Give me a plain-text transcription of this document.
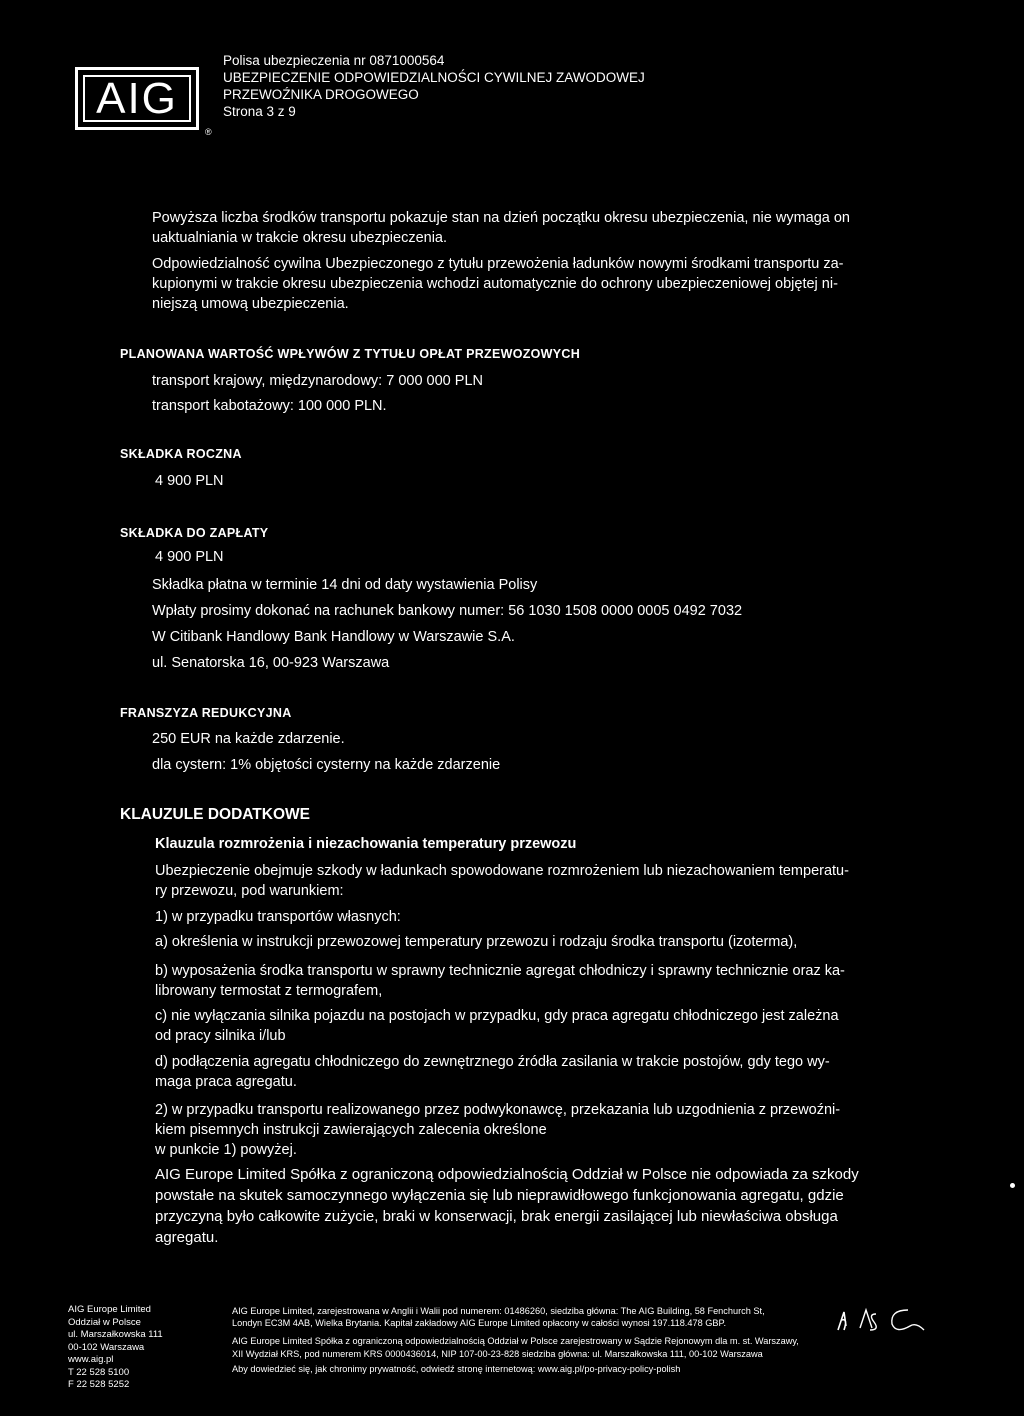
AIG
®
Polisa ubezpieczenia nr 0871000564
UBEZPIECZENIE ODPOWIEDZIALNOŚCI CYWILNEJ ZAWODOWEJ
PRZEWOŹNIKA DROGOWEGO
Strona 3 z 9
Powyższa liczba środków transportu pokazuje stan na dzień początku okresu ubezpieczenia, nie wymaga on
uaktualniania w trakcie okresu ubezpieczenia.
Odpowiedzialność cywilna Ubezpieczonego z tytułu przewożenia ładunków nowymi środkami transportu za-
kupionymi w trakcie okresu ubezpieczenia wchodzi automatycznie do ochrony ubezpieczeniowej objętej ni-
niejszą umową ubezpieczenia.
PLANOWANA WARTOŚĆ WPŁYWÓW Z TYTUŁU OPŁAT PRZEWOZOWYCH
transport krajowy, międzynarodowy: 7 000 000 PLN
transport kabotażowy: 100 000 PLN.
SKŁADKA ROCZNA
4 900 PLN
SKŁADKA DO ZAPŁATY
4 900 PLN
Składka płatna w terminie 14 dni od daty wystawienia Polisy
Wpłaty prosimy dokonać na rachunek bankowy numer: 56 1030 1508 0000 0005 0492 7032
W Citibank Handlowy Bank Handlowy w Warszawie S.A.
ul. Senatorska 16, 00-923 Warszawa
FRANSZYZA REDUKCYJNA
250 EUR na każde zdarzenie.
dla cystern: 1% objętości cysterny na każde zdarzenie
KLAUZULE DODATKOWE
Klauzula rozmrożenia i niezachowania temperatury przewozu
Ubezpieczenie obejmuje szkody w ładunkach spowodowane rozmrożeniem lub niezachowaniem temperatu-
ry przewozu, pod warunkiem:
1) w przypadku transportów własnych:
a) określenia w instrukcji przewozowej temperatury przewozu i rodzaju środka transportu (izoterma),
b) wyposażenia środka transportu w sprawny technicznie agregat chłodniczy i sprawny technicznie oraz ka-
librowany termostat z termografem,
c) nie wyłączania silnika pojazdu na postojach w przypadku, gdy praca agregatu chłodniczego jest zależna
od pracy silnika i/lub
d) podłączenia agregatu chłodniczego do zewnętrznego źródła zasilania w trakcie postojów, gdy tego wy-
maga praca agregatu.
2) w przypadku transportu realizowanego przez podwykonawcę, przekazania lub uzgodnienia z przewoźni-
kiem pisemnych instrukcji zawierających zalecenia określone
w punkcie 1) powyżej.
AIG Europe Limited Spółka z ograniczoną odpowiedzialnością Oddział w Polsce nie odpowiada za szkody
powstałe na skutek samoczynnego wyłączenia się lub nieprawidłowego funkcjonowania agregatu, gdzie
przyczyną było całkowite zużycie, braki w konserwacji, brak energii zasilającej lub niewłaściwa obsługa
agregatu.
AIG Europe Limited
Oddział w Polsce
ul. Marszałkowska 111
00-102 Warszawa
www.aig.pl
T 22 528 5100
F 22 528 5252

AIG Europe Limited, zarejestrowana w Anglii i Walii pod numerem: 01486260, siedziba główna: The AIG Building, 58 Fenchurch St,
Londyn EC3M 4AB, Wielka Brytania. Kapitał zakładowy AIG Europe Limited opłacony w całości wynosi 197.118.478 GBP.

AIG Europe Limited Spółka z ograniczoną odpowiedzialnością Oddział w Polsce zarejestrowany w Sądzie Rejonowym dla m. st. Warszawy,
XII Wydział KRS, pod numerem KRS 0000436014, NIP 107-00-23-828 siedziba główna: ul. Marszałkowska 111, 00-102 Warszawa

Aby dowiedzieć się, jak chronimy prywatność, odwiedź stronę internetową: www.aig.pl/po-privacy-policy-polish
